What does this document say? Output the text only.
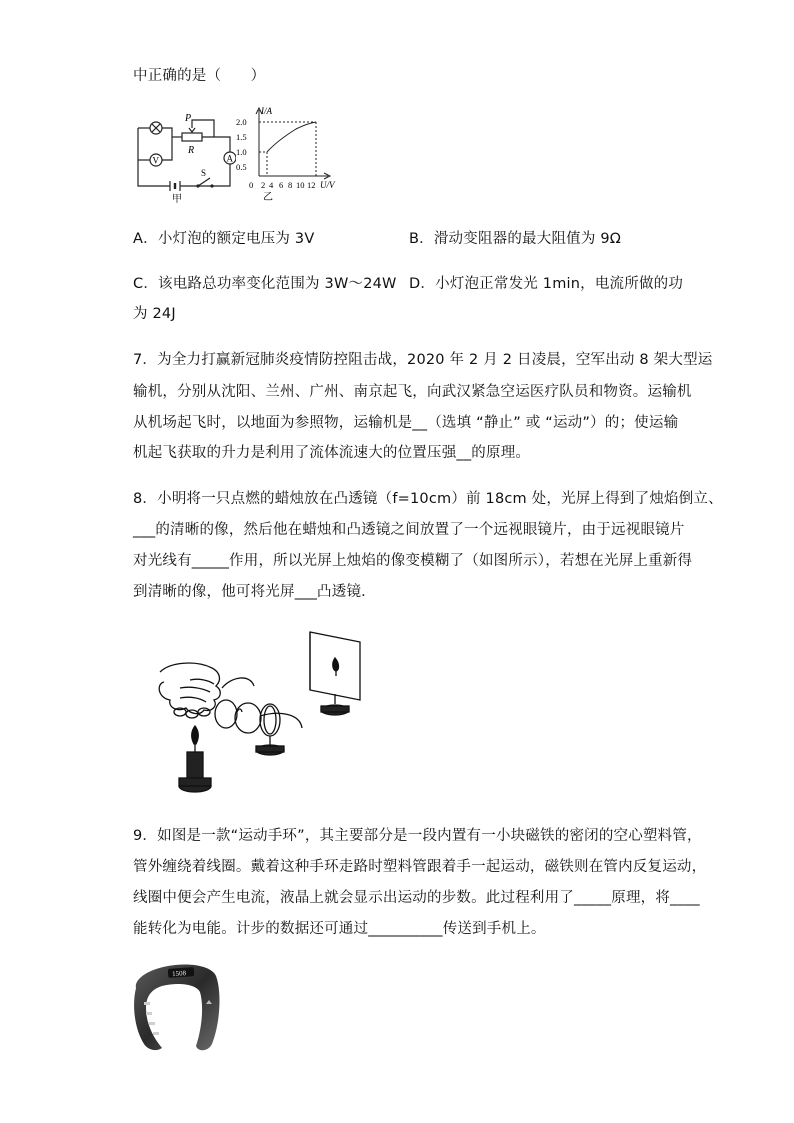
中正确的是（　　）
P
R
V	A
S
甲
I/A
2.0
1.5
1.0
0.5
0 2 4 6 8 10 12 U/V
乙
A．小灯泡的额定电压为 3V	B．滑动变阻器的最大阻值为 9Ω
C．该电路总功率变化范围为 3W～24W D．小灯泡正常发光 1min，电流所做的功
为 24J
7．为全力打赢新冠肺炎疫情防控阻击战，2020 年 2 月 2 日凌晨，空军出动 8 架大型运
输机，分别从沈阳、兰州、广州、南京起飞，向武汉紧急空运医疗队员和物资。运输机
从机场起飞时，以地面为参照物，运输机是__（选填 “静止” 或 “运动”）的；使运输
机起飞获取的升力是利用了流体流速大的位置压强__的原理。
8．小明将一只点燃的蜡烛放在凸透镜（f=10cm）前 18cm 处，光屏上得到了烛焰倒立、
___的清晰的像，然后他在蜡烛和凸透镜之间放置了一个远视眼镜片，由于远视眼镜片
对光线有_____作用，所以光屏上烛焰的像变模糊了（如图所示），若想在光屏上重新得
到清晰的像，他可将光屏___凸透镜．
9．如图是一款“运动手环”，其主要部分是一段内置有一小块磁铁的密闭的空心塑料管，
管外缠绕着线圈。戴着这种手环走路时塑料管跟着手一起运动，磁铁则在管内反复运动，
线圈中便会产生电流，液晶上就会显示出运动的步数。此过程利用了_____原理，将____
能转化为电能。计步的数据还可通过__________传送到手机上。
1508
